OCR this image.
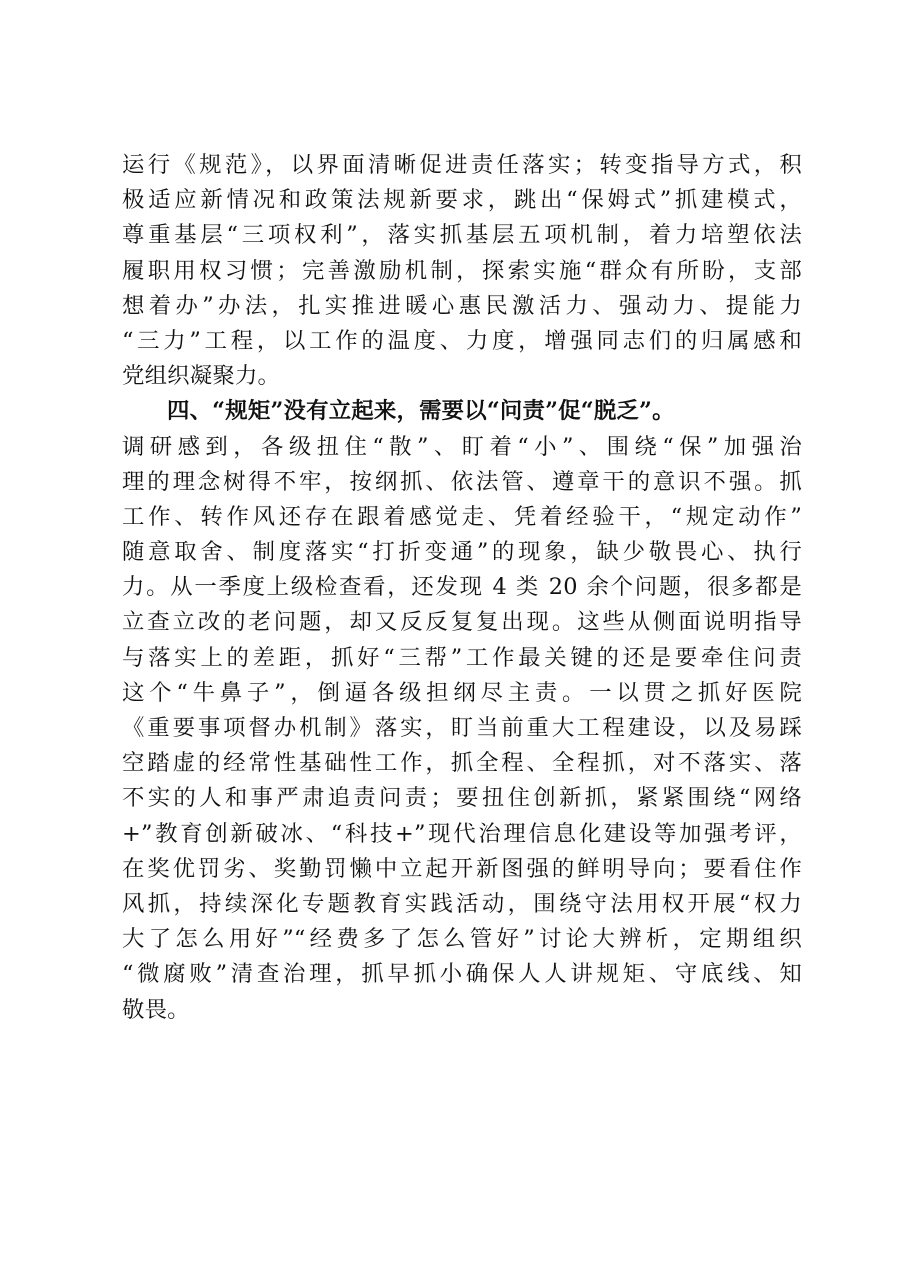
运行《规范》，以界面清晰促进责任落实；转变指导方式，积
极适应新情况和政策法规新要求，跳出“保姆式”抓建模式，
尊重基层“三项权利”，落实抓基层五项机制，着力培塑依法
履职用权习惯；完善激励机制，探索实施“群众有所盼，支部
想着办”办法，扎实推进暖心惠民激活力、强动力、提能力
“三力”工程，以工作的温度、力度，增强同志们的归属感和
党组织凝聚力。
四、“规矩”没有立起来，需要以“问责”促“脱乏”。
调研感到，各级扭住“散”、盯着“小”、围绕“保”加强治
理的理念树得不牢，按纲抓、依法管、遵章干的意识不强。抓
工作、转作风还存在跟着感觉走、凭着经验干，“规定动作”
随意取舍、制度落实“打折变通”的现象，缺少敬畏心、执行
力。从一季度上级检查看，还发现 4 类 20 余个问题，很多都是
立查立改的老问题，却又反反复复出现。这些从侧面说明指导
与落实上的差距，抓好“三帮”工作最关键的还是要牵住问责
这个“牛鼻子”，倒逼各级担纲尽主责。一以贯之抓好医院
《重要事项督办机制》落实，盯当前重大工程建设，以及易踩
空踏虚的经常性基础性工作，抓全程、全程抓，对不落实、落
不实的人和事严肃追责问责；要扭住创新抓，紧紧围绕“网络
+”教育创新破冰、“科技+”现代治理信息化建设等加强考评，
在奖优罚劣、奖勤罚懒中立起开新图强的鲜明导向；要看住作
风抓，持续深化专题教育实践活动，围绕守法用权开展“权力
大了怎么用好”“经费多了怎么管好”讨论大辨析，定期组织
“微腐败”清查治理，抓早抓小确保人人讲规矩、守底线、知
敬畏。
